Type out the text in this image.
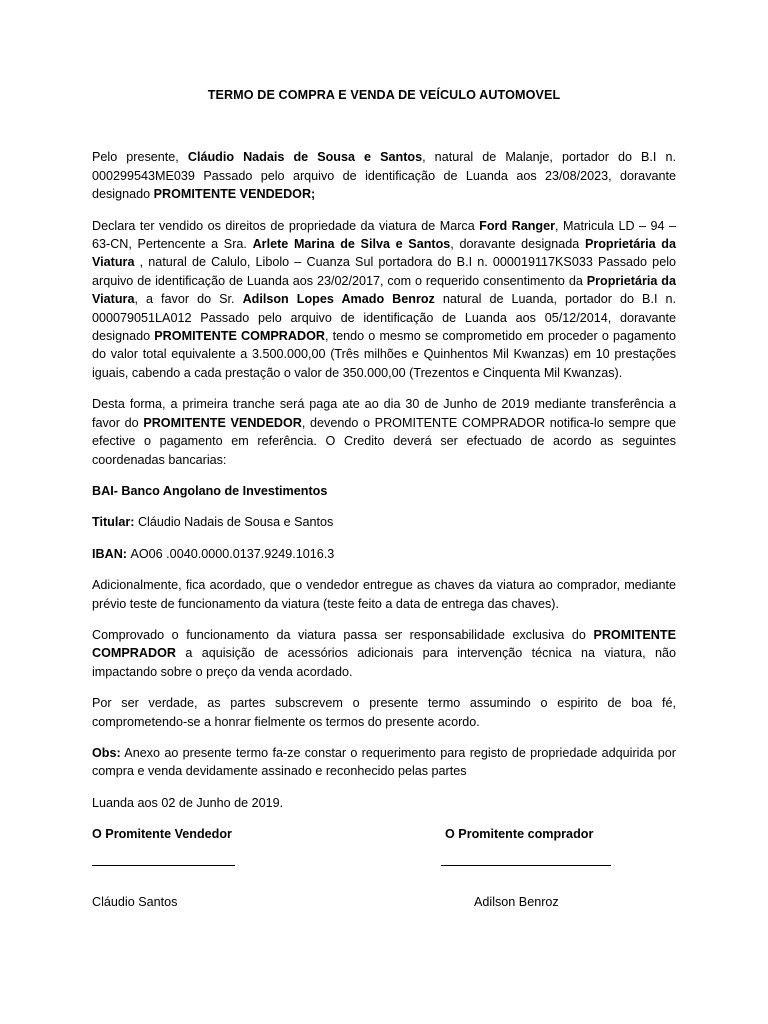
TERMO DE COMPRA E VENDA DE VEÍCULO AUTOMOVEL

Pelo presente, Cláudio Nadais de Sousa e Santos, natural de Malanje, portador do B.I n. 000299543ME039 Passado pelo arquivo de identificação de Luanda aos 23/08/2023, doravante designado PROMITENTE VENDEDOR;

Declara ter vendido os direitos de propriedade da viatura de Marca Ford Ranger, Matricula LD – 94 – 63-CN, Pertencente a Sra. Arlete Marina de Silva e Santos, doravante designada Proprietária da Viatura , natural de Calulo, Libolo – Cuanza Sul portadora do B.I n. 000019117KS033 Passado pelo arquivo de identificação de Luanda aos 23/02/2017, com o requerido consentimento da Proprietária da Viatura, a favor do Sr. Adilson Lopes Amado Benroz natural de Luanda, portador do B.I n. 000079051LA012 Passado pelo arquivo de identificação de Luanda aos 05/12/2014, doravante designado PROMITENTE COMPRADOR, tendo o mesmo se comprometido em proceder o pagamento do valor total equivalente a 3.500.000,00 (Três milhões e Quinhentos Mil Kwanzas) em 10 prestações iguais, cabendo a cada prestação o valor de 350.000,00 (Trezentos e Cinquenta Mil Kwanzas).

Desta forma, a primeira tranche será paga ate ao dia 30 de Junho de 2019 mediante transferência a favor do PROMITENTE VENDEDOR, devendo o PROMITENTE COMPRADOR notifica-lo sempre que efective o pagamento em referência. O Credito deverá ser efectuado de acordo as seguintes coordenadas bancarias:

BAI- Banco Angolano de Investimentos
Titular: Cláudio Nadais de Sousa e Santos
IBAN: AO06 .0040.0000.0137.9249.1016.3

Adicionalmente, fica acordado, que o vendedor entregue as chaves da viatura ao comprador, mediante prévio teste de funcionamento da viatura (teste feito a data de entrega das chaves).

Comprovado o funcionamento da viatura passa ser responsabilidade exclusiva do PROMITENTE COMPRADOR a aquisição de acessórios adicionais para intervenção técnica na viatura, não impactando sobre o preço da venda acordado.

Por ser verdade, as partes subscrevem o presente termo assumindo o espirito de boa fé, comprometendo-se a honrar fielmente os termos do presente acordo.

Obs: Anexo ao presente termo fa-ze constar o requerimento para registo de propriedade adquirida por compra e venda devidamente assinado e reconhecido pelas partes

Luanda aos 02 de Junho de 2019.
O Promitente Vendedor	O Promitente comprador
Cláudio Santos	Adilson Benroz
